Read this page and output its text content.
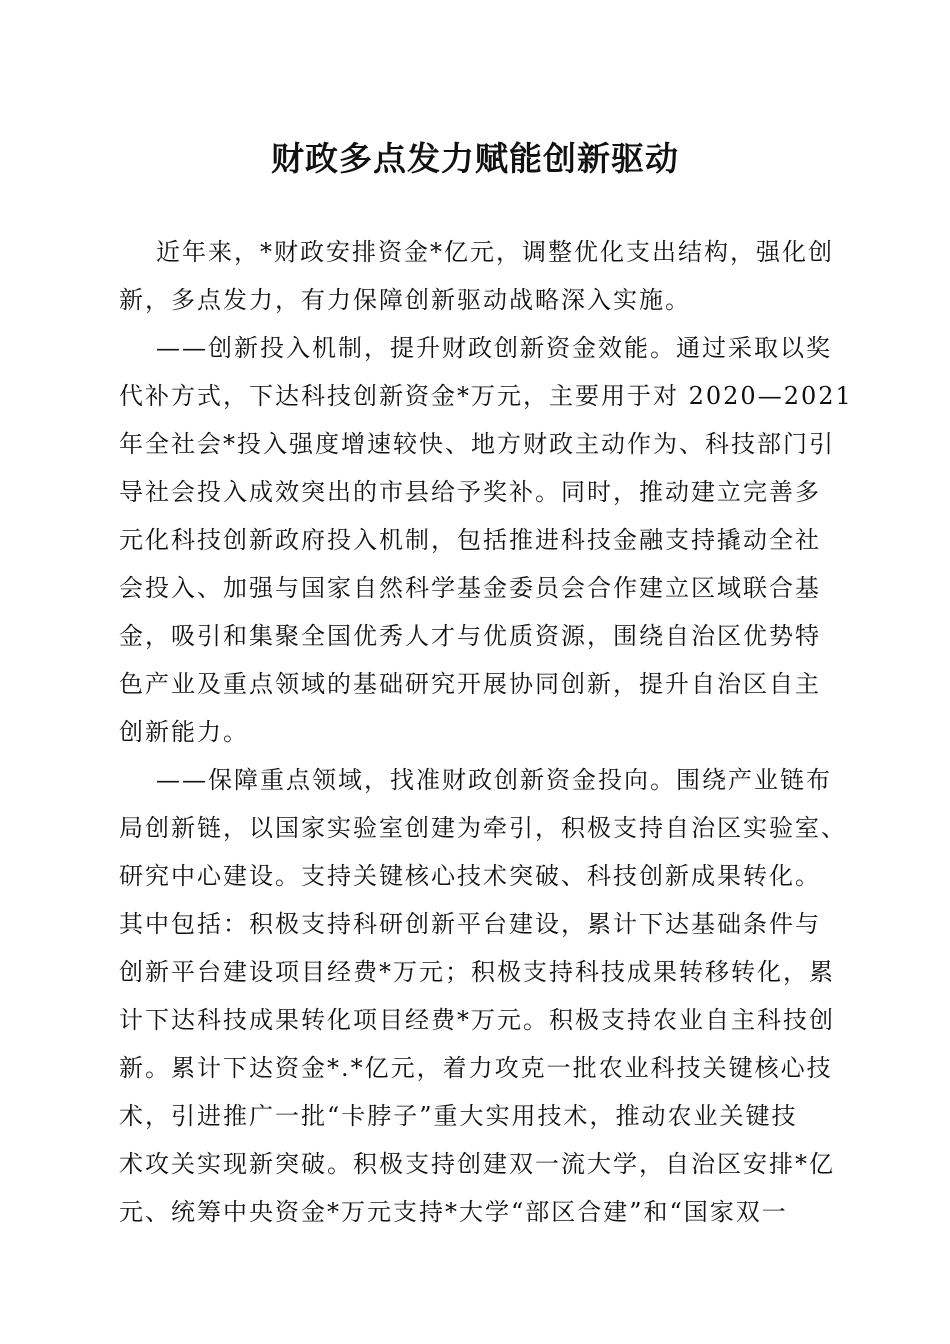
财政多点发力赋能创新驱动
近年来，*财政安排资金*亿元，调整优化支出结构，强化创
新，多点发力，有力保障创新驱动战略深入实施。
——创新投入机制，提升财政创新资金效能。通过采取以奖
代补方式，下达科技创新资金*万元，主要用于对 2020—2021
年全社会*投入强度增速较快、地方财政主动作为、科技部门引
导社会投入成效突出的市县给予奖补。同时，推动建立完善多
元化科技创新政府投入机制，包括推进科技金融支持撬动全社
会投入、加强与国家自然科学基金委员会合作建立区域联合基
金，吸引和集聚全国优秀人才与优质资源，围绕自治区优势特
色产业及重点领域的基础研究开展协同创新，提升自治区自主
创新能力。
——保障重点领域，找准财政创新资金投向。围绕产业链布
局创新链，以国家实验室创建为牵引，积极支持自治区实验室、
研究中心建设。支持关键核心技术突破、科技创新成果转化。
其中包括：积极支持科研创新平台建设，累计下达基础条件与
创新平台建设项目经费*万元；积极支持科技成果转移转化，累
计下达科技成果转化项目经费*万元。积极支持农业自主科技创
新。累计下达资金*.*亿元，着力攻克一批农业科技关键核心技
术，引进推广一批“卡脖子”重大实用技术，推动农业关键技
术攻关实现新突破。积极支持创建双一流大学，自治区安排*亿
元、统筹中央资金*万元支持*大学“部区合建”和“国家双一
